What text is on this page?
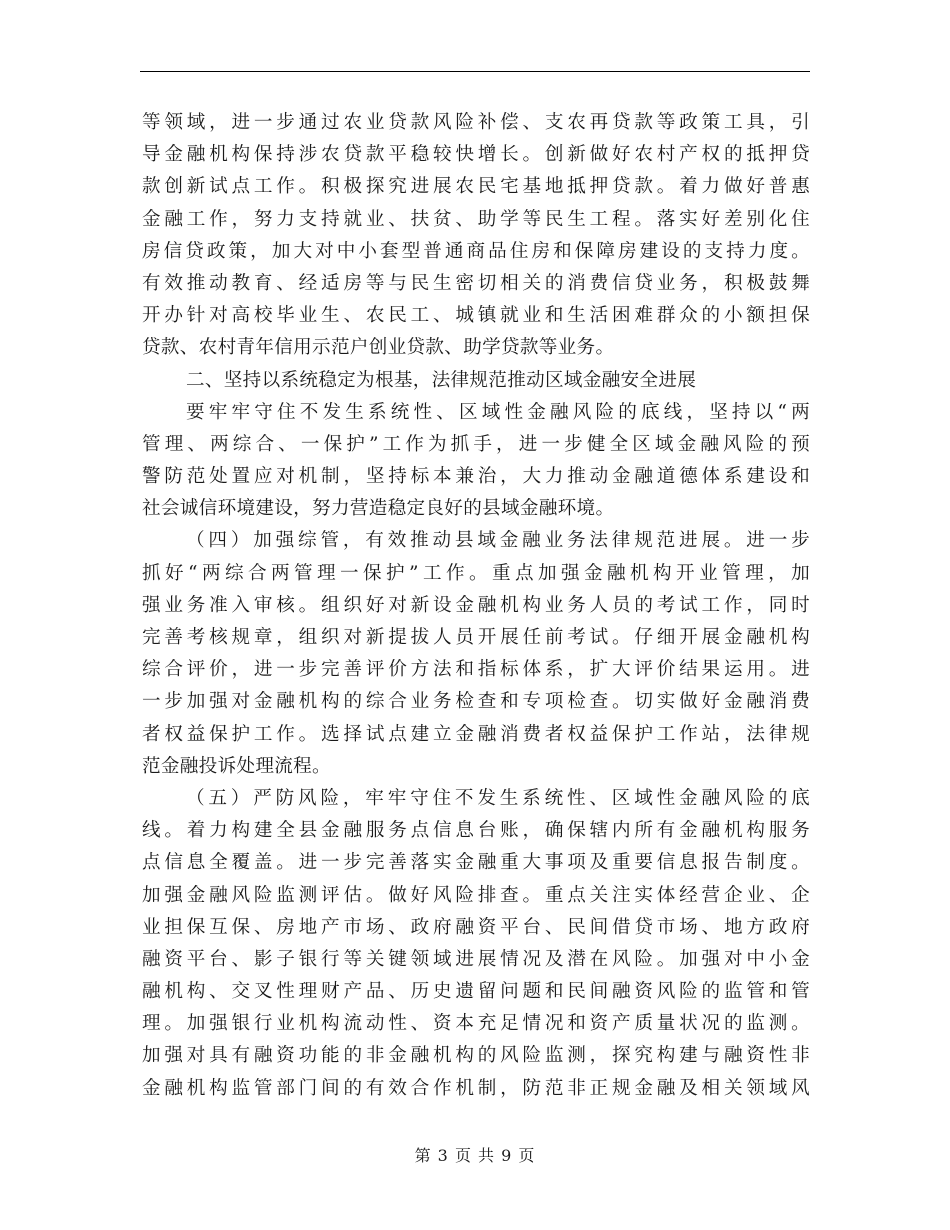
等领域，进一步通过农业贷款风险补偿、支农再贷款等政策工具，引
导金融机构保持涉农贷款平稳较快增长。创新做好农村产权的抵押贷
款创新试点工作。积极探究进展农民宅基地抵押贷款。着力做好普惠
金融工作，努力支持就业、扶贫、助学等民生工程。落实好差别化住
房信贷政策，加大对中小套型普通商品住房和保障房建设的支持力度。
有效推动教育、经适房等与民生密切相关的消费信贷业务，积极鼓舞
开办针对高校毕业生、农民工、城镇就业和生活困难群众的小额担保
贷款、农村青年信用示范户创业贷款、助学贷款等业务。
二、坚持以系统稳定为根基，法律规范推动区域金融安全进展
要牢牢守住不发生系统性、区域性金融风险的底线，坚持以“两
管理、两综合、一保护”工作为抓手，进一步健全区域金融风险的预
警防范处置应对机制，坚持标本兼治，大力推动金融道德体系建设和
社会诚信环境建设，努力营造稳定良好的县域金融环境。
（四）加强综管，有效推动县域金融业务法律规范进展。进一步
抓好“两综合两管理一保护”工作。重点加强金融机构开业管理，加
强业务准入审核。组织好对新设金融机构业务人员的考试工作，同时
完善考核规章，组织对新提拔人员开展任前考试。仔细开展金融机构
综合评价，进一步完善评价方法和指标体系，扩大评价结果运用。进
一步加强对金融机构的综合业务检查和专项检查。切实做好金融消费
者权益保护工作。选择试点建立金融消费者权益保护工作站，法律规
范金融投诉处理流程。
（五）严防风险，牢牢守住不发生系统性、区域性金融风险的底
线。着力构建全县金融服务点信息台账，确保辖内所有金融机构服务
点信息全覆盖。进一步完善落实金融重大事项及重要信息报告制度。
加强金融风险监测评估。做好风险排查。重点关注实体经营企业、企
业担保互保、房地产市场、政府融资平台、民间借贷市场、地方政府
融资平台、影子银行等关键领域进展情况及潜在风险。加强对中小金
融机构、交叉性理财产品、历史遗留问题和民间融资风险的监管和管
理。加强银行业机构流动性、资本充足情况和资产质量状况的监测。
加强对具有融资功能的非金融机构的风险监测，探究构建与融资性非
金融机构监管部门间的有效合作机制，防范非正规金融及相关领域风
第 3 页 共 9 页
